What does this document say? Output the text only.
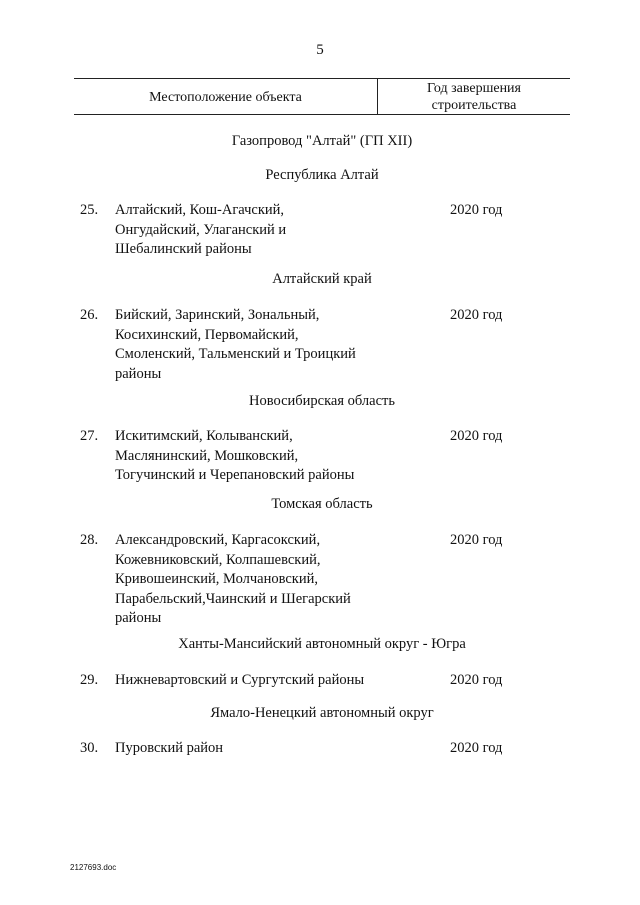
5
Местоположение объекта
Год завершения
строительства
Газопровод "Алтай" (ГП XII)
Республика Алтай
25. Алтайский, Кош-Агачский,
Онгудайский, Улаганский и
Шебалинский районы
2020 год
Алтайский край
26. Бийский, Заринский, Зональный,
Косихинский, Первомайский,
Смоленский, Тальменский и Троицкий
районы
2020 год
Новосибирская область
27. Искитимский, Колыванский,
Маслянинский, Мошковский,
Тогучинский и Черепановский районы
2020 год
Томская область
28. Александровский, Каргасокский,
Кожевниковский, Колпашевский,
Кривошеинский, Молчановский,
Парабельский,Чаинский и Шегарский
районы
2020 год
Ханты-Мансийский автономный округ - Югра
29. Нижневартовский и Сургутский районы	2020 год
Ямало-Ненецкий автономный округ
30. Пуровский район	2020 год
2127693.doc
